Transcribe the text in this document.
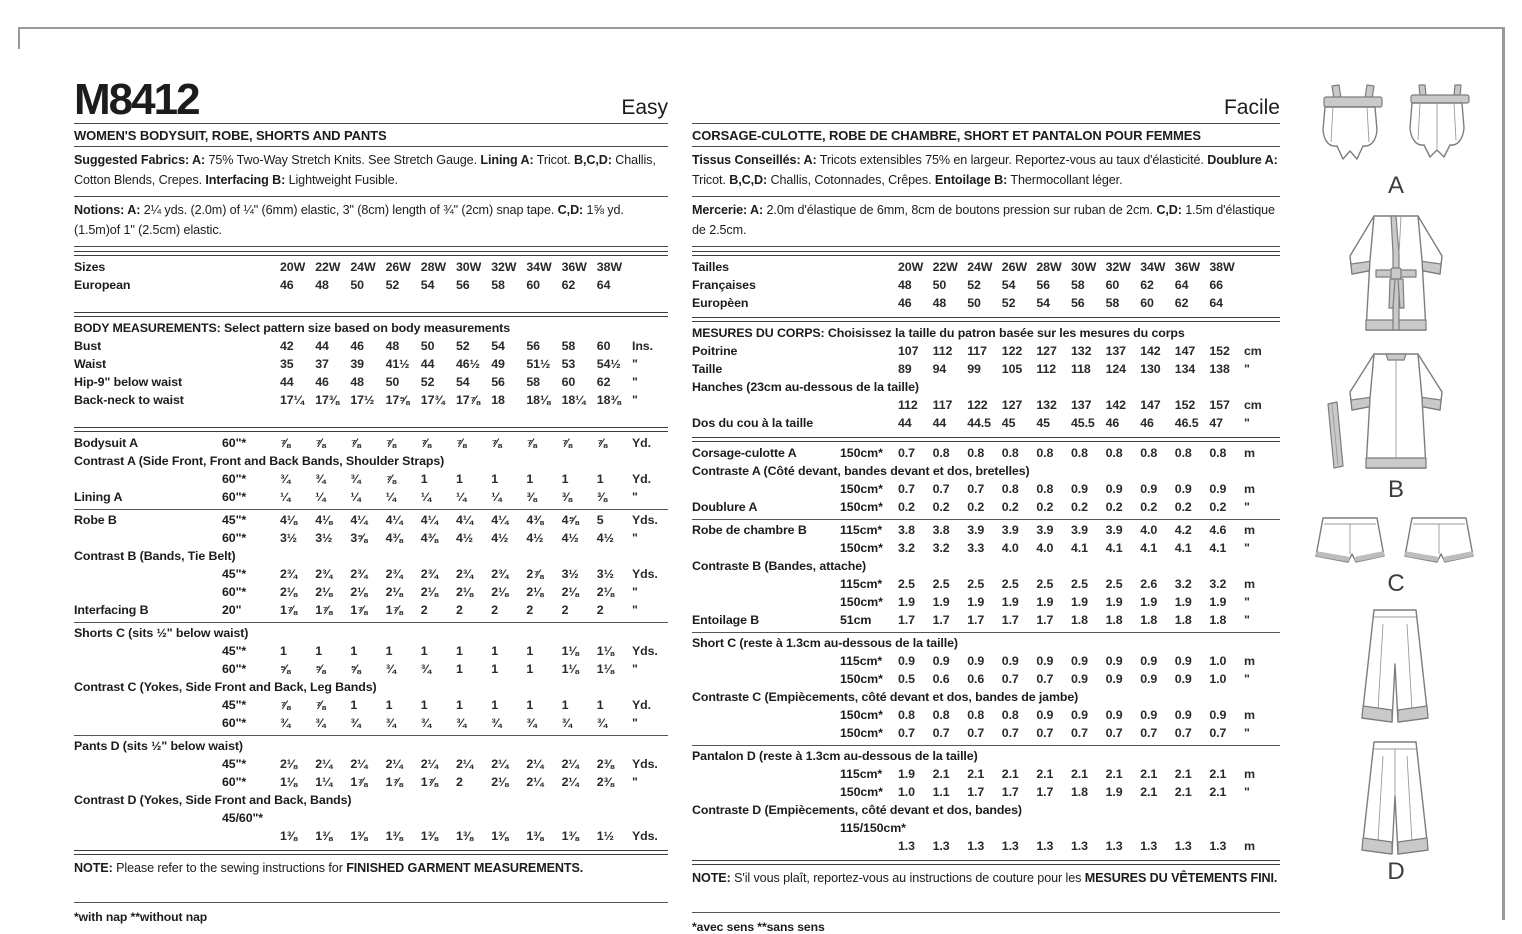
M8412	Easy
WOMEN'S BODYSUIT, ROBE, SHORTS AND PANTS
Suggested Fabrics: A: 75% Two-Way Stretch Knits. See Stretch Gauge. Lining A: Tricot. B,C,D: Challis, Cotton Blends, Crepes. Interfacing B: Lightweight Fusible.
Notions: A: 2¼ yds. (2.0m) of ¼" (6mm) elastic, 3" (8cm) length of ¾" (2cm) snap tape. C,D: 1⅝ yd. (1.5m)of 1" (2.5cm) elastic.
Sizes	20W 22W 24W 26W 28W 30W 32W 34W 36W 38W
European	46	48	50	52	54	56	58	60	62	64
BODY MEASUREMENTS: Select pattern size based on body measurements
Bust	42	44	46	48	50	52	54	56	58	60	Ins.
Waist	35	37	39	41½ 44	46½ 49	51½ 53	54½ "
Hip-9" below waist	44	46	48	50	52	54	56	58	60	62	"
Back-neck to waist	17¼ 17⅜ 17½ 17⅝ 17¾ 17⅞ 18	18⅛ 18¼ 18⅜ "
Bodysuit A	60"*	⅞	⅞	⅞	⅞	⅞	⅞	⅞	⅞	⅞	⅞	Yd.
Contrast A (Side Front, Front and Back Bands, Shoulder Straps)
60"*	¾	¾	¾	⅞	1	1	1	1	1	1	Yd.
Lining A	60"*	¼	¼	¼	¼	¼	¼	¼	⅜	⅜	⅜	"
Robe B	45"*	4⅛	4⅛	4¼	4¼	4¼	4¼	4¼	4⅜	4⅝	5	Yds.
60"*	3½	3½	3⅝	4⅜	4⅜	4½	4½	4½	4½	4½	"
Contrast B (Bands, Tie Belt)
45"*	2¾	2¾	2¾	2¾	2¾	2¾	2¾	2⅞	3½	3½	Yds.
60"*	2⅛	2⅛	2⅛	2⅛	2⅛	2⅛	2⅛	2⅛	2⅛	2⅛	"
Interfacing B	20"	1⅞	1⅞	1⅞	1⅞	2	2	2	2	2	2	"
Shorts C (sits ½" below waist)
45"*	1	1	1	1	1	1	1	1	1⅛	1⅛	Yds.
60"*	⅝	⅝	⅝	¾	¾	1	1	1	1⅛	1⅛	"
Contrast C (Yokes, Side Front and Back, Leg Bands)
45"*	⅞	⅞	1	1	1	1	1	1	1	1	Yd.
60"*	¾	¾	¾	¾	¾	¾	¾	¾	¾	¾	"
Pants D (sits ½" below waist)
45"*	2⅛	2¼	2¼	2¼	2¼	2¼	2¼	2¼	2¼	2⅜	Yds.
60"*	1⅛	1¼	1⅞	1⅞	1⅞	2	2⅛	2¼	2¼	2⅜	"
Contrast D (Yokes, Side Front and Back, Bands)
45/60"*
1⅜	1⅜	1⅜	1⅜	1⅜	1⅜	1⅜	1⅜	1⅜	1½	Yds.
NOTE: Please refer to the sewing instructions for FINISHED GARMENT MEASUREMENTS.
*with nap **without nap
Facile
CORSAGE-CULOTTE, ROBE DE CHAMBRE, SHORT ET PANTALON POUR FEMMES
Tissus Conseillés: A: Tricots extensibles 75% en largeur. Reportez-vous au taux d'élasticité. Doublure A: Tricot. B,C,D: Challis, Cotonnades, Crêpes. Entoilage B: Thermocollant léger.
Mercerie: A: 2.0m d'élastique de 6mm, 8cm de boutons pression sur ruban de 2cm. C,D: 1.5m d'élastique de 2.5cm.
Tailles	20W 22W 24W 26W 28W 30W 32W 34W 36W 38W
Françaises	48	50	52	54	56	58	60	62	64	66
Europèen	46	48	50	52	54	56	58	60	62	64
MESURES DU CORPS: Choisissez la taille du patron basée sur les mesures du corps
Poitrine	107	112	117	122	127	132	137	142	147	152	cm
Taille	89	94	99	105	112	118	124	130	134	138	"
Hanches (23cm au-dessous de la taille)
112	117	122	127	132	137	142	147	152	157	cm
Dos du cou à la taille	44	44	44.5 45	45	45.5 46	46	46.5 47	"
Corsage-culotte A	150cm*	0.7	0.8	0.8	0.8	0.8	0.8	0.8	0.8	0.8	0.8	m
Contraste A (Côté devant, bandes devant et dos, bretelles)
150cm*	0.7	0.7	0.7	0.8	0.8	0.9	0.9	0.9	0.9	0.9	m
Doublure A	150cm*	0.2	0.2	0.2	0.2	0.2	0.2	0.2	0.2	0.2	0.2	"
Robe de chambre B	115cm*	3.8	3.8	3.9	3.9	3.9	3.9	3.9	4.0	4.2	4.6	m
150cm*	3.2	3.2	3.3	4.0	4.0	4.1	4.1	4.1	4.1	4.1	"
Contraste B (Bandes, attache)
115cm*	2.5	2.5	2.5	2.5	2.5	2.5	2.5	2.6	3.2	3.2	m
150cm*	1.9	1.9	1.9	1.9	1.9	1.9	1.9	1.9	1.9	1.9	"
Entoilage B	51cm	1.7	1.7	1.7	1.7	1.7	1.8	1.8	1.8	1.8	1.8	"
Short C (reste à 1.3cm au-dessous de la taille)
115cm*	0.9	0.9	0.9	0.9	0.9	0.9	0.9	0.9	0.9	1.0	m
150cm*	0.5	0.6	0.6	0.7	0.7	0.9	0.9	0.9	0.9	1.0	"
Contraste C (Empiècements, côté devant et dos, bandes de jambe)
150cm*	0.8	0.8	0.8	0.8	0.9	0.9	0.9	0.9	0.9	0.9	m
150cm*	0.7	0.7	0.7	0.7	0.7	0.7	0.7	0.7	0.7	0.7	"
Pantalon D (reste à 1.3cm au-dessous de la taille)
115cm*	1.9	2.1	2.1	2.1	2.1	2.1	2.1	2.1	2.1	2.1	m
150cm*	1.0	1.1	1.7	1.7	1.7	1.8	1.9	2.1	2.1	2.1	"
Contraste D (Empiècements, côté devant et dos, bandes)
115/150cm*
1.3	1.3	1.3	1.3	1.3	1.3	1.3	1.3	1.3	1.3	m
NOTE: S'il vous plaît, reportez-vous au instructions de couture pour les MESURES DU VÊTEMENTS FINI.
*avec sens **sans sens
A
B
C
D
